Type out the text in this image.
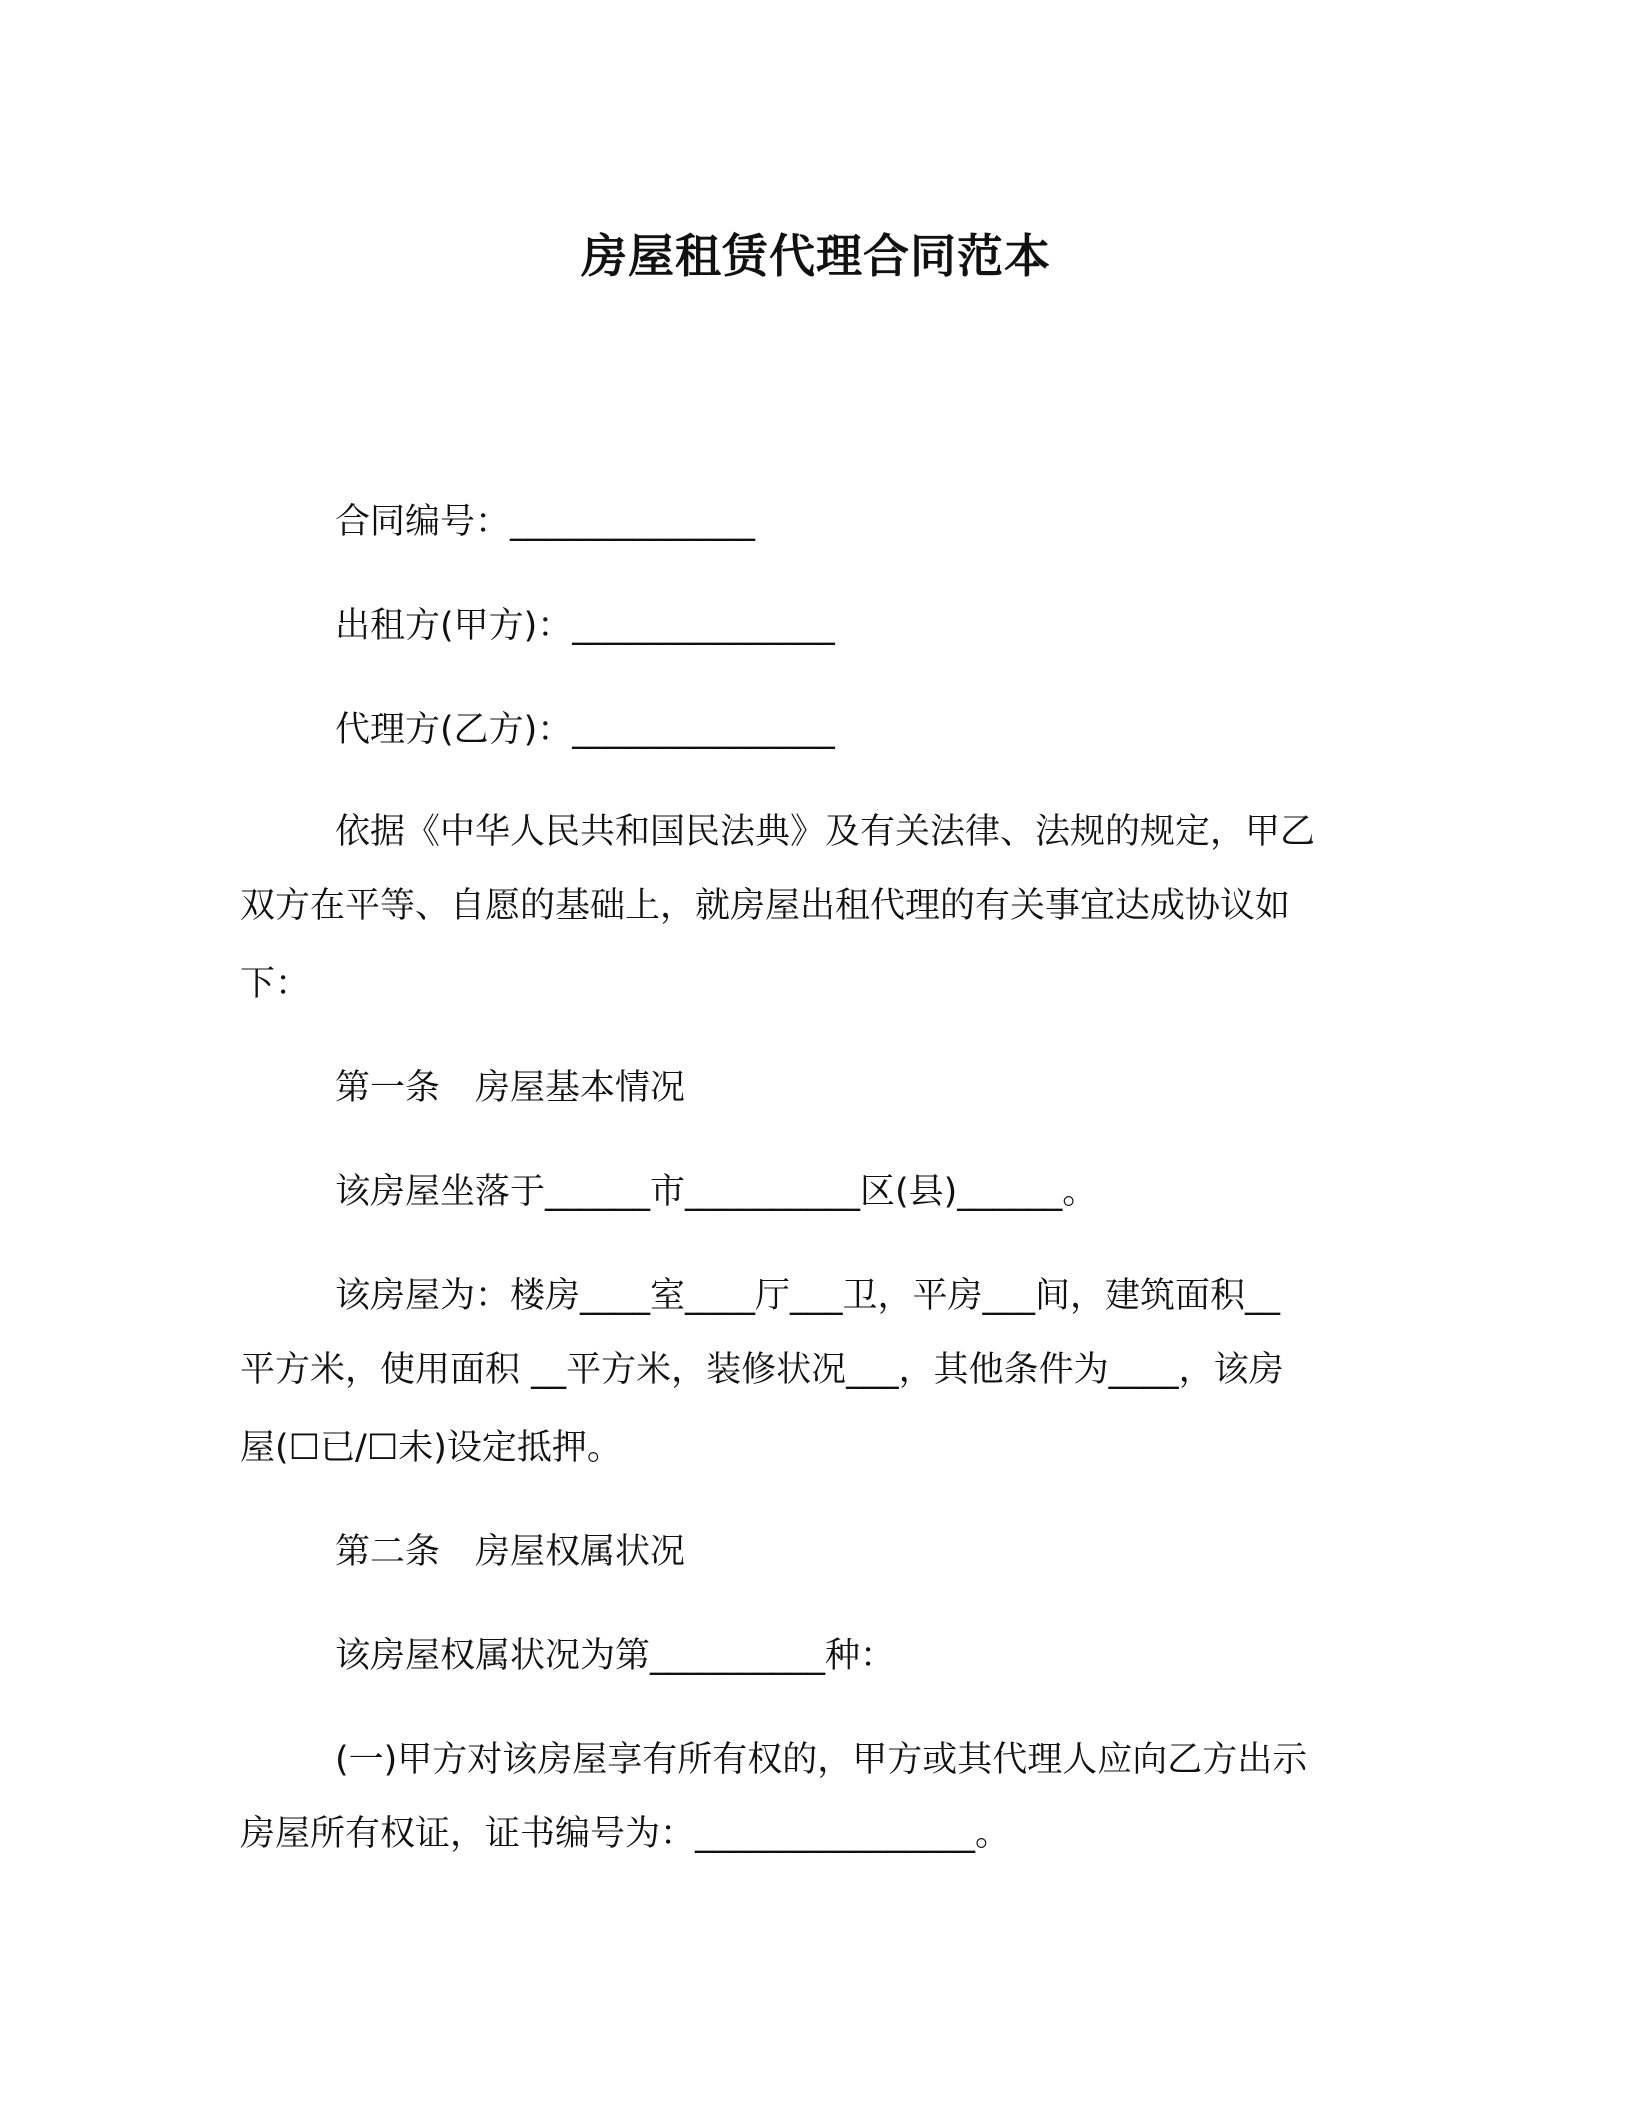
房屋租赁代理合同范本

合同编号：______________

出租方(甲方)：_______________

代理方(乙方)：_______________

依据《中华人民共和国民法典》及有关法律、法规的规定，甲乙

双方在平等、自愿的基础上，就房屋出租代理的有关事宜达成协议如

下：

第一条　房屋基本情况

该房屋坐落于______市__________区(县)______。

该房屋为：楼房____室____厅___卫，平房___间，建筑面积__

平方米，使用面积 __平方米，装修状况___，其他条件为____，该房

屋(☐已/☐未)设定抵押。

第二条　房屋权属状况

该房屋权属状况为第__________种：

(一)甲方对该房屋享有所有权的，甲方或其代理人应向乙方出示

房屋所有权证，证书编号为：________________。
